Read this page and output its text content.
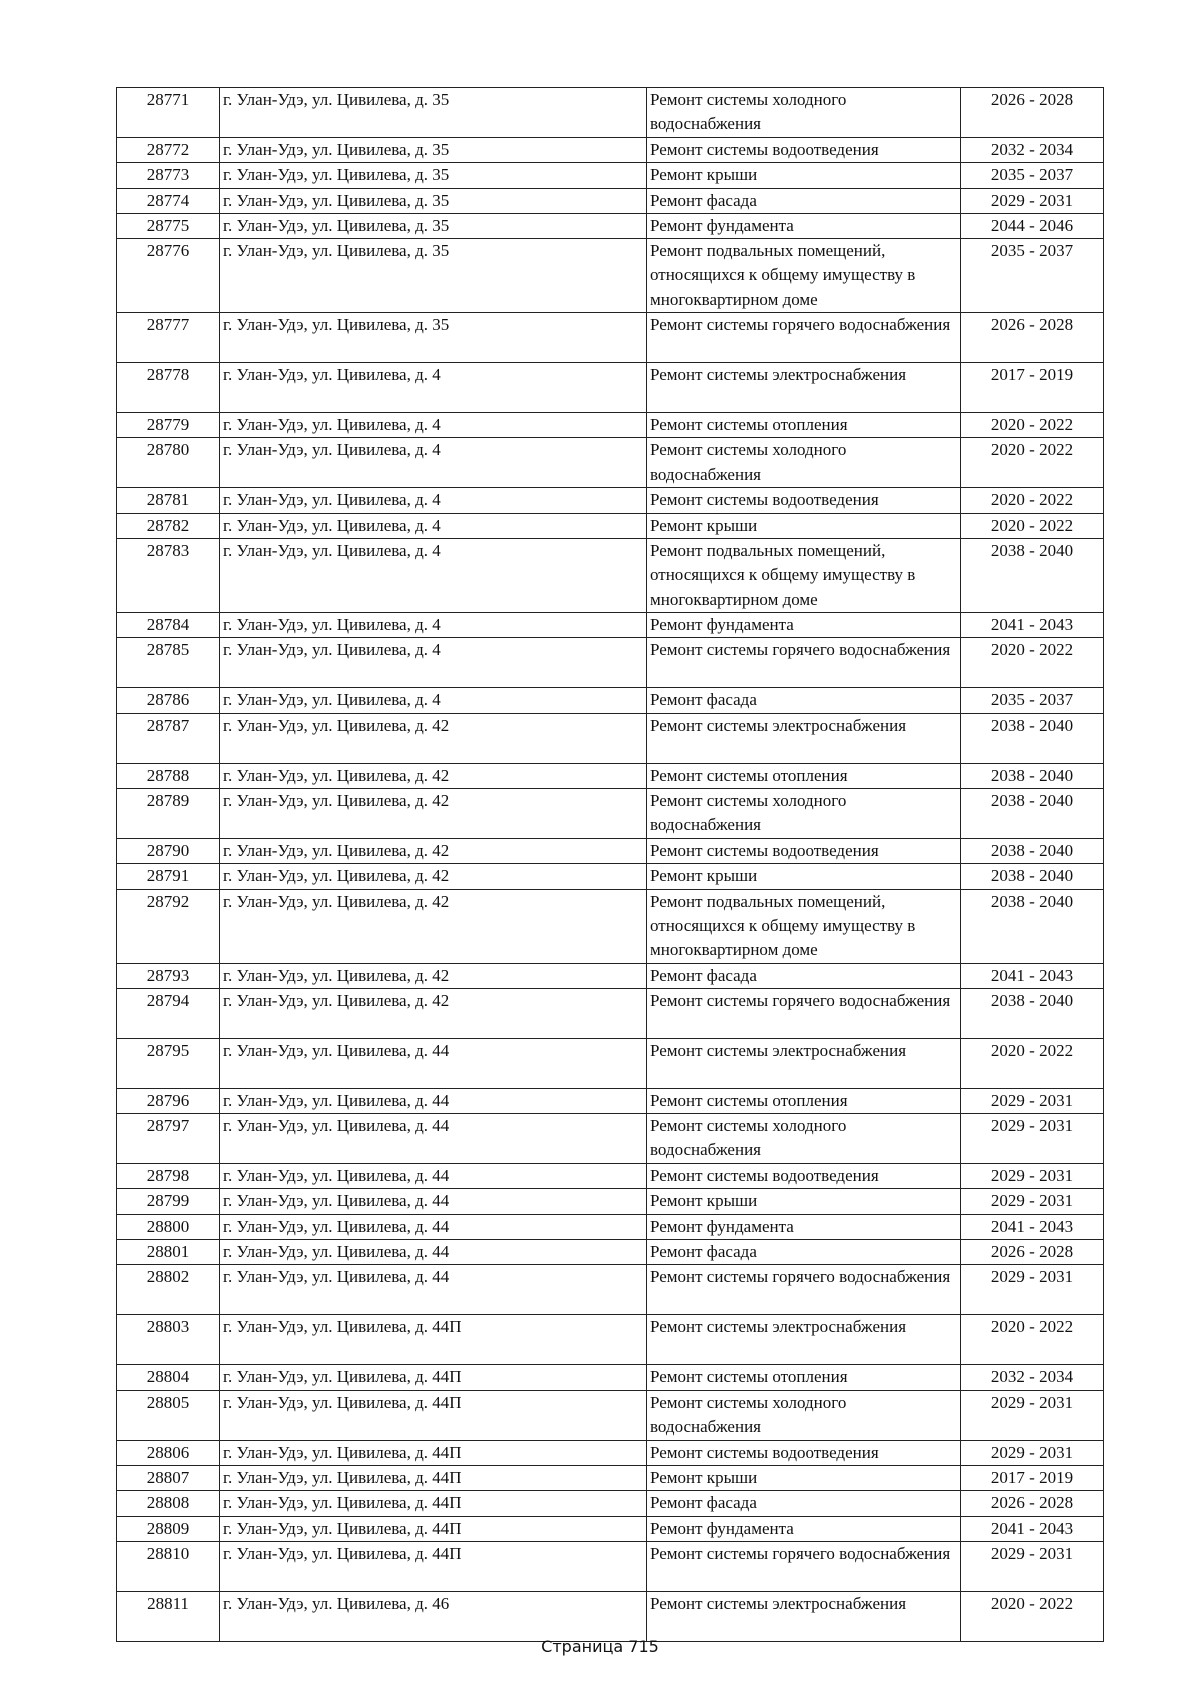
28771	г. Улан-Удэ, ул. Цивилева, д. 35	Ремонт системы холодного водоснабжения	2026 - 2028
28772	г. Улан-Удэ, ул. Цивилева, д. 35	Ремонт системы водоотведения	2032 - 2034
28773	г. Улан-Удэ, ул. Цивилева, д. 35	Ремонт крыши	2035 - 2037
28774	г. Улан-Удэ, ул. Цивилева, д. 35	Ремонт фасада	2029 - 2031
28775	г. Улан-Удэ, ул. Цивилева, д. 35	Ремонт фундамента	2044 - 2046
28776	г. Улан-Удэ, ул. Цивилева, д. 35	Ремонт подвальных помещений, относящихся к общему имуществу в многоквартирном доме	2035 - 2037
28777	г. Улан-Удэ, ул. Цивилева, д. 35	Ремонт системы горячего водоснабжения	2026 - 2028
28778	г. Улан-Удэ, ул. Цивилева, д. 4	Ремонт системы электроснабжения	2017 - 2019
28779	г. Улан-Удэ, ул. Цивилева, д. 4	Ремонт системы отопления	2020 - 2022
28780	г. Улан-Удэ, ул. Цивилева, д. 4	Ремонт системы холодного водоснабжения	2020 - 2022
28781	г. Улан-Удэ, ул. Цивилева, д. 4	Ремонт системы водоотведения	2020 - 2022
28782	г. Улан-Удэ, ул. Цивилева, д. 4	Ремонт крыши	2020 - 2022
28783	г. Улан-Удэ, ул. Цивилева, д. 4	Ремонт подвальных помещений, относящихся к общему имуществу в многоквартирном доме	2038 - 2040
28784	г. Улан-Удэ, ул. Цивилева, д. 4	Ремонт фундамента	2041 - 2043
28785	г. Улан-Удэ, ул. Цивилева, д. 4	Ремонт системы горячего водоснабжения	2020 - 2022
28786	г. Улан-Удэ, ул. Цивилева, д. 4	Ремонт фасада	2035 - 2037
28787	г. Улан-Удэ, ул. Цивилева, д. 42	Ремонт системы электроснабжения	2038 - 2040
28788	г. Улан-Удэ, ул. Цивилева, д. 42	Ремонт системы отопления	2038 - 2040
28789	г. Улан-Удэ, ул. Цивилева, д. 42	Ремонт системы холодного водоснабжения	2038 - 2040
28790	г. Улан-Удэ, ул. Цивилева, д. 42	Ремонт системы водоотведения	2038 - 2040
28791	г. Улан-Удэ, ул. Цивилева, д. 42	Ремонт крыши	2038 - 2040
28792	г. Улан-Удэ, ул. Цивилева, д. 42	Ремонт подвальных помещений, относящихся к общему имуществу в многоквартирном доме	2038 - 2040
28793	г. Улан-Удэ, ул. Цивилева, д. 42	Ремонт фасада	2041 - 2043
28794	г. Улан-Удэ, ул. Цивилева, д. 42	Ремонт системы горячего водоснабжения	2038 - 2040
28795	г. Улан-Удэ, ул. Цивилева, д. 44	Ремонт системы электроснабжения	2020 - 2022
28796	г. Улан-Удэ, ул. Цивилева, д. 44	Ремонт системы отопления	2029 - 2031
28797	г. Улан-Удэ, ул. Цивилева, д. 44	Ремонт системы холодного водоснабжения	2029 - 2031
28798	г. Улан-Удэ, ул. Цивилева, д. 44	Ремонт системы водоотведения	2029 - 2031
28799	г. Улан-Удэ, ул. Цивилева, д. 44	Ремонт крыши	2029 - 2031
28800	г. Улан-Удэ, ул. Цивилева, д. 44	Ремонт фундамента	2041 - 2043
28801	г. Улан-Удэ, ул. Цивилева, д. 44	Ремонт фасада	2026 - 2028
28802	г. Улан-Удэ, ул. Цивилева, д. 44	Ремонт системы горячего водоснабжения	2029 - 2031
28803	г. Улан-Удэ, ул. Цивилева, д. 44П	Ремонт системы электроснабжения	2020 - 2022
28804	г. Улан-Удэ, ул. Цивилева, д. 44П	Ремонт системы отопления	2032 - 2034
28805	г. Улан-Удэ, ул. Цивилева, д. 44П	Ремонт системы холодного водоснабжения	2029 - 2031
28806	г. Улан-Удэ, ул. Цивилева, д. 44П	Ремонт системы водоотведения	2029 - 2031
28807	г. Улан-Удэ, ул. Цивилева, д. 44П	Ремонт крыши	2017 - 2019
28808	г. Улан-Удэ, ул. Цивилева, д. 44П	Ремонт фасада	2026 - 2028
28809	г. Улан-Удэ, ул. Цивилева, д. 44П	Ремонт фундамента	2041 - 2043
28810	г. Улан-Удэ, ул. Цивилева, д. 44П	Ремонт системы горячего водоснабжения	2029 - 2031
28811	г. Улан-Удэ, ул. Цивилева, д. 46	Ремонт системы электроснабжения	2020 - 2022
Страница 715
